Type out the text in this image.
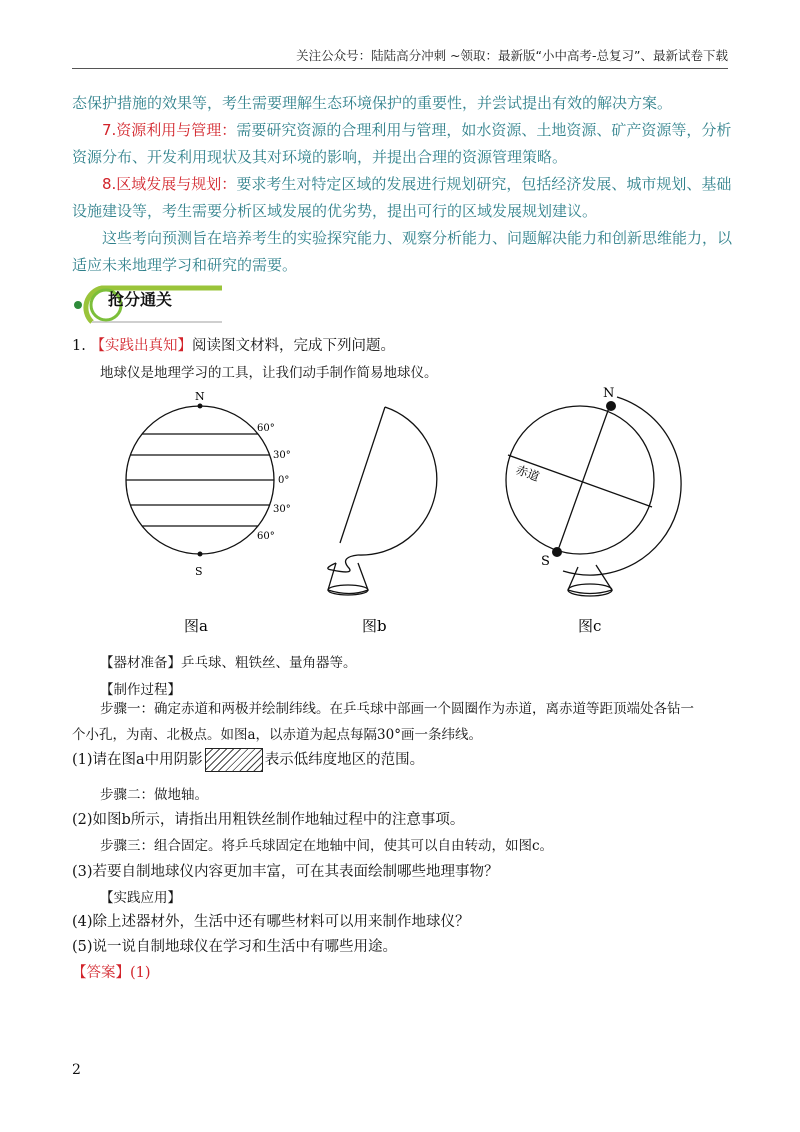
关注公众号：陆陆高分冲刺 ~领取：最新版“小中高考-总复习”、最新试卷下载
态保护措施的效果等，考生需要理解生态环境保护的重要性，并尝试提出有效的解决方案。
7.资源利用与管理：需要研究资源的合理利用与管理，如水资源、土地资源、矿产资源等，分析资源分布、开发利用现状及其对环境的影响，并提出合理的资源管理策略。
8.区域发展与规划：要求考生对特定区域的发展进行规划研究，包括经济发展、城市规划、基础设施建设等，考生需要分析区域发展的优劣势，提出可行的区域发展规划建议。
这些考向预测旨在培养考生的实验探究能力、观察分析能力、问题解决能力和创新思维能力，以适应未来地理学习和研究的需要。
抢分通关
1. 【实践出真知】阅读图文材料，完成下列问题。
地球仪是地理学习的工具，让我们动手制作简易地球仪。
N
S
60°
30°
0°
30°
60°
N
S
赤道
图a	图b	图c
【器材准备】乒乓球、粗铁丝、量角器等。
【制作过程】
步骤一：确定赤道和两极并绘制纬线。在乒乓球中部画一个圆圈作为赤道，离赤道等距顶端处各钻一
个小孔，为南、北极点。如图a，以赤道为起点每隔30°画一条纬线。
(1)请在图a中用阴影	表示低纬度地区的范围。
步骤二：做地轴。
(2)如图b所示，请指出用粗铁丝制作地轴过程中的注意事项。
步骤三：组合固定。将乒乓球固定在地轴中间，使其可以自由转动，如图c。
(3)若要自制地球仪内容更加丰富，可在其表面绘制哪些地理事物？
【实践应用】
(4)除上述器材外，生活中还有哪些材料可以用来制作地球仪？
(5)说一说自制地球仪在学习和生活中有哪些用途。
【答案】(1)
2
